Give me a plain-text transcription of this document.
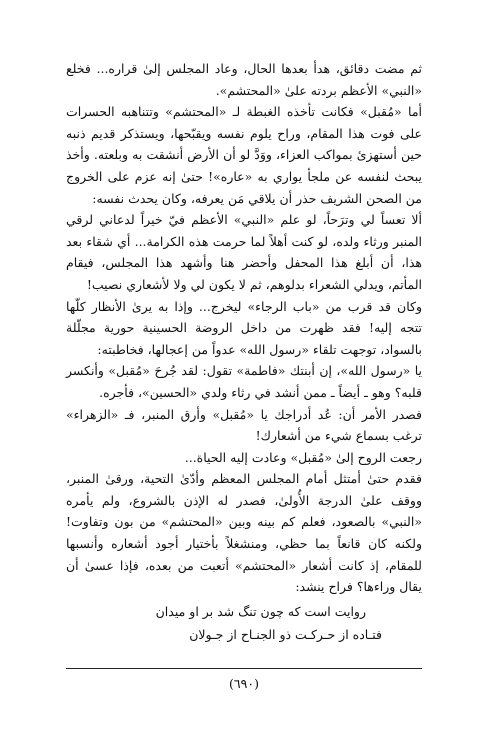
ثم مضت دقائق، هدأ بعدها الحال، وعاد المجلس إلىٰ قراره... فخلع «النبي» الأعظم بردته علىٰ «المحتشم».

أما «مُقبل» فكانت تأخذه الغبطة لـ «المحتشم» وتتناهبه الحسرات على فوت هذا المقام، وراح يلوم نفسه ويقبّحها، ويستذكر قديم ذنبه حين أستهزئ بمواكب العزاء، ووَدَّ لو أن الأرض أنشقت به وبلعته. وأخذ يبحث لنفسه عن ملجأ يواري به «عاره»! حتىٰ إنه عزم على الخروج من الصحن الشريف حذر أن يلاقي مَن يعرفه، وكان يحدث نفسه:

ألا تعساً لي وترَحاً، لو علم «النبي» الأعظم فيّ خيراً لدعاني لرقي المنبر ورثاء ولده، لو كنت أهلاً لما حرمت هذه الكرامة... أي شقاء بعد هذا، أن أبلغ هذا المحفل وأحضر هنا وأشهد هذا المجلس، فيقام المأتم، ويدلي الشعراء بدلوهم، ثم لا يكون لي ولا لأشعاري نصيب!

وكان قد قرب من «باب الرجاء» ليخرج... وإذا به يرىٰ الأنظار كلّها تتجه إليه! فقد ظهرت من داخل الروضة الحسينية حورية مجلّلة بالسواد، توجهت تلقاء «رسول الله» عدواً من إعجالها، فخاطبته:

يا «رسول الله»، إن أبنتك «فاطمة» تقول: لقد جُرحَ «مُقبل» وأنكسر قلبه؟ وهو ـ أيضاً ـ ممن أنشد في رثاء ولدي «الحسين»، فأجره.

فصدر الأمر أن: عُد أدراجك يا «مُقبل» وأرق المنبر، فـ «الزهراء» ترغب بسماع شيء من أشعارك!

رجعت الروح إلىٰ «مُقبل» وعادت إليه الحياة...

فقدم حتىٰ أمتثل أمام المجلس المعظم وأدّىٰ التحية، ورقىٰ المنبر، ووقف علىٰ الدرجة الأُولىٰ، فصدر له الإذن بالشروع، ولم يأمره «النبي» بالصعود، فعلم كم بينه وبين «المحتشم» من بون وتفاوت! ولكنه كان قانعاً بما حظي، ومنشغلاً بأختيار أجود أشعاره وأنسبها للمقام، إذ كانت أشعار «المحتشم» أتعبت من بعده، فإذا عسىٰ أن يقال وراءها؟ فراح ينشد:

روايت است كه چون تنگ شد بر او ميدان
فتـاده از حـركـت ذو الجنـاح از جـولان
(٦٩٠)
